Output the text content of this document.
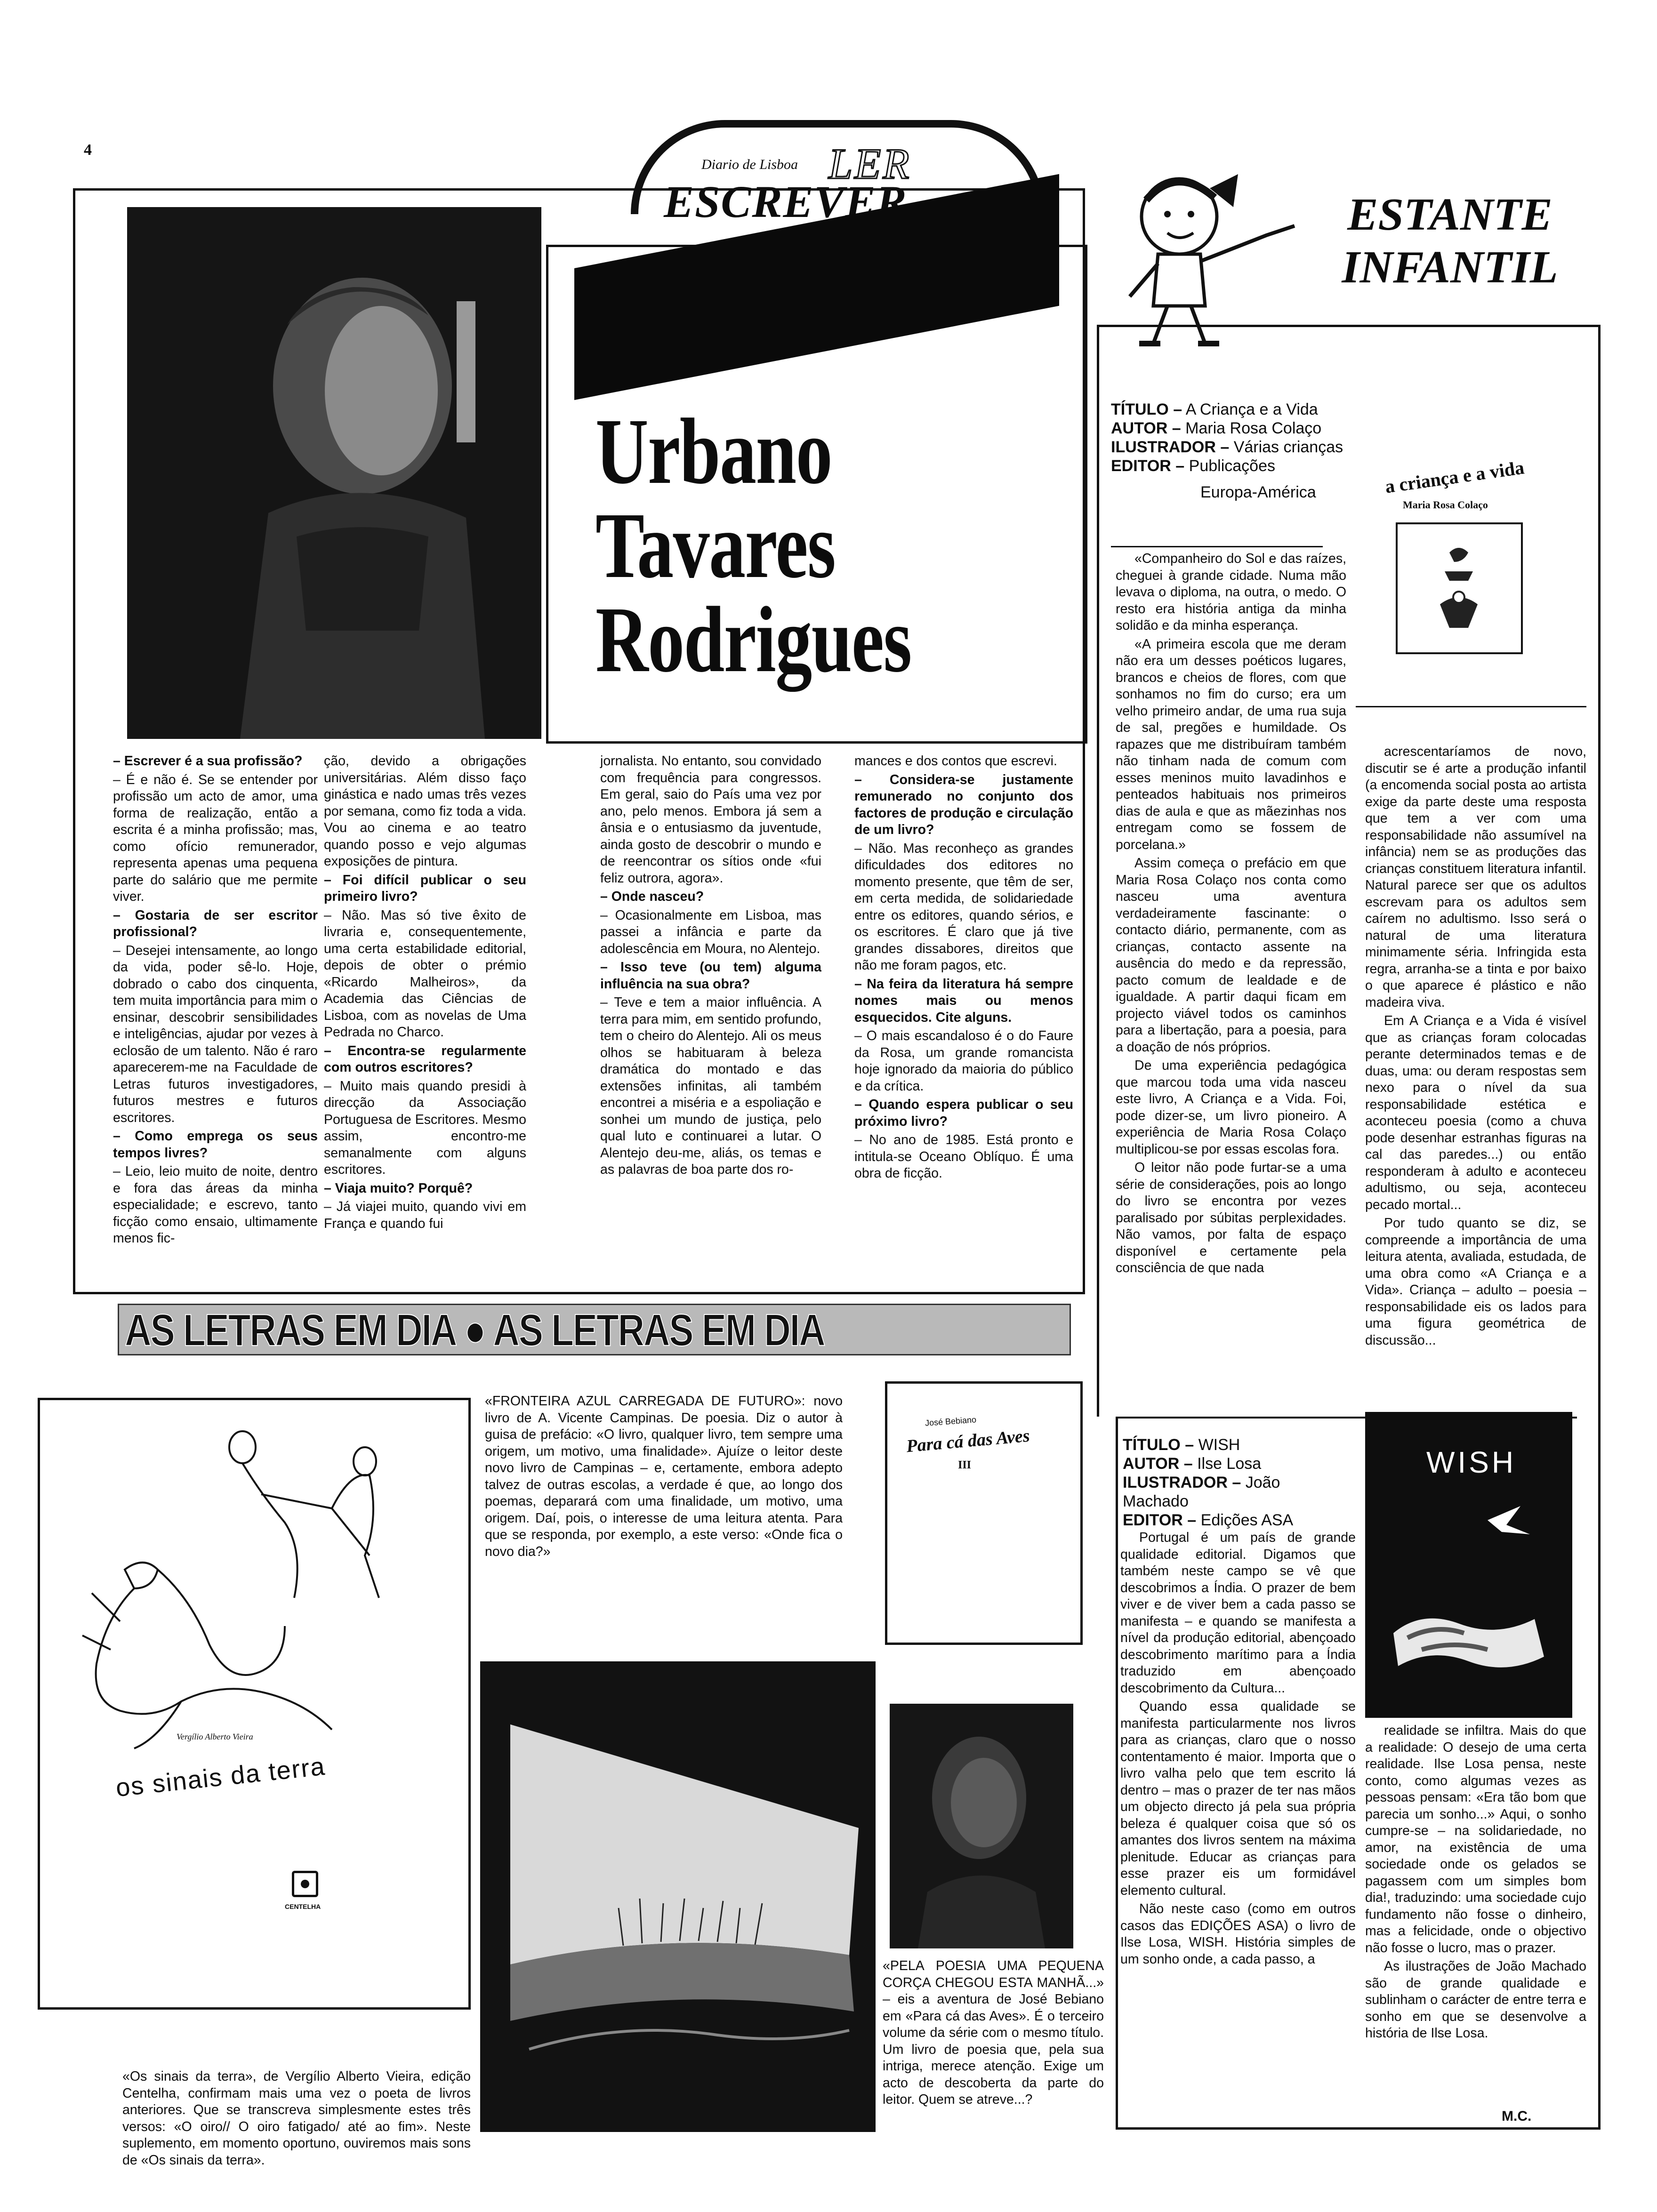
4
Diario de Lisboa LER
ESCREVER
Urbano
Tavares
Rodrigues

– Escrever é a sua profissão?

– É e não é. Se se entender por profissão um acto de amor, uma forma de realização, então a escrita é a minha profissão; mas, como ofício remunerador, representa apenas uma pequena parte do salário que me permite viver.

– Gostaria de ser escritor profissional?

– Desejei intensamente, ao longo da vida, poder sê-lo. Hoje, dobrado o cabo dos cinquenta, tem muita importância para mim o ensinar, descobrir sensibilidades e inteligências, ajudar por vezes à eclosão de um talento. Não é raro aparecerem-me na Faculdade de Letras futuros investigadores, futuros mestres e futuros escritores.

– Como emprega os seus tempos livres?

– Leio, leio muito de noite, dentro e fora das áreas da minha especialidade; e escrevo, tanto ficção como ensaio, ultimamente menos fic-

ção, devido a obrigações universitárias. Além disso faço ginástica e nado umas três vezes por semana, como fiz toda a vida. Vou ao cinema e ao teatro quando posso e vejo algumas exposições de pintura.

– Foi difícil publicar o seu primeiro livro?

– Não. Mas só tive êxito de livraria e, consequentemente, uma certa estabilidade editorial, depois de obter o prémio «Ricardo Malheiros», da Academia das Ciências de Lisboa, com as novelas de Uma Pedrada no Charco.

– Encontra-se regularmente com outros escritores?

– Muito mais quando presidi à direcção da Associação Portuguesa de Escritores. Mesmo assim, encontro-me semanalmente com alguns escritores.

– Viaja muito? Porquê?

– Já viajei muito, quando vivi em França e quando fui

jornalista. No entanto, sou convidado com frequência para congressos. Em geral, saio do País uma vez por ano, pelo menos. Embora já sem a ânsia e o entusiasmo da juventude, ainda gosto de descobrir o mundo e de reencontrar os sítios onde «fui feliz outrora, agora».

– Onde nasceu?

– Ocasionalmente em Lisboa, mas passei a infância e parte da adolescência em Moura, no Alentejo.

– Isso teve (ou tem) alguma influência na sua obra?

– Teve e tem a maior influência. A terra para mim, em sentido profundo, tem o cheiro do Alentejo. Ali os meus olhos se habituaram à beleza dramática do montado e das extensões infinitas, ali também encontrei a miséria e a espoliação e sonhei um mundo de justiça, pelo qual luto e continuarei a lutar. O Alentejo deu-me, aliás, os temas e as palavras de boa parte dos ro-

mances e dos contos que escrevi.

– Considera-se justamente remunerado no conjunto dos factores de produção e circulação de um livro?

– Não. Mas reconheço as grandes dificuldades dos editores no momento presente, que têm de ser, em certa medida, de solidariedade entre os editores, quando sérios, e os escritores. É claro que já tive grandes dissabores, direitos que não me foram pagos, etc.

– Na feira da literatura há sempre nomes mais ou menos esquecidos. Cite alguns.

– O mais escandaloso é o do Faure da Rosa, um grande romancista hoje ignorado da maioria do público e da crítica.

– Quando espera publicar o seu próximo livro?

– No ano de 1985. Está pronto e intitula-se Oceano Oblíquo. É uma obra de ficção.

ESTANTE
INFANTIL
TÍTULO – A Criança e a Vida
AUTOR – Maria Rosa Colaço
ILUSTRADOR – Várias crianças
EDITOR – Publicações
Europa-América	a criança e a vida
Maria Rosa Colaço

«Companheiro do Sol e das raízes, cheguei à grande cidade. Numa mão levava o diploma, na outra, o medo. O resto era história antiga da minha solidão e da minha esperança.

«A primeira escola que me deram não era um desses poéticos lugares, brancos e cheios de flores, com que sonhamos no fim do curso; era um velho primeiro andar, de uma rua suja de sal, pregões e humildade. Os rapazes que me distribuíram também não tinham nada de comum com esses meninos muito lavadinhos e penteados habituais nos primeiros dias de aula e que as mãezinhas nos entregam como se fossem de porcelana.»

Assim começa o prefácio em que Maria Rosa Colaço nos conta como nasceu uma aventura verdadeiramente fascinante: o contacto diário, permanente, com as crianças, contacto assente na ausência do medo e da repressão, pacto comum de lealdade e de igualdade. A partir daqui ficam em projecto viável todos os caminhos para a libertação, para a poesia, para a doação de nós próprios.

De uma experiência pedagógica que marcou toda uma vida nasceu este livro, A Criança e a Vida. Foi, pode dizer-se, um livro pioneiro. A experiência de Maria Rosa Colaço multiplicou-se por essas escolas fora.

O leitor não pode furtar-se a uma série de considerações, pois ao longo do livro se encontra por vezes paralisado por súbitas perplexidades. Não vamos, por falta de espaço disponível e certamente pela consciência de que nada

acrescentaríamos de novo, discutir se é arte a produção infantil (a encomenda social posta ao artista exige da parte deste uma resposta que tem a ver com uma responsabilidade não assumível na infância) nem se as produções das crianças constituem literatura infantil. Natural parece ser que os adultos escrevam para os adultos sem caírem no adultismo. Isso será o natural de uma literatura minimamente séria. Infringida esta regra, arranha-se a tinta e por baixo o que aparece é plástico e não madeira viva.

Em A Criança e a Vida é visível que as crianças foram colocadas perante determinados temas e de duas, uma: ou deram respostas sem nexo para o nível da sua responsabilidade estética e aconteceu poesia (como a chuva pode desenhar estranhas figuras na cal das paredes...) ou então responderam à adulto e aconteceu adultismo, ou seja, aconteceu pecado mortal...

Por tudo quanto se diz, se compreende a importância de uma leitura atenta, avaliada, estudada, de uma obra como «A Criança e a Vida». Criança – adulto – poesia – responsabilidade eis os lados para uma figura geométrica de discussão...

TÍTULO – WISH
AUTOR – Ilse Losa
ILUSTRADOR – João Machado
EDITOR – Edições ASA
WISH

Portugal é um país de grande qualidade editorial. Digamos que também neste campo se vê que descobrimos a Índia. O prazer de bem viver e de viver bem a cada passo se manifesta – e quando se manifesta a nível da produção editorial, abençoado descobrimento marítimo para a Índia traduzido em abençoado descobrimento da Cultura...

Quando essa qualidade se manifesta particularmente nos livros para as crianças, claro que o nosso contentamento é maior. Importa que o livro valha pelo que tem escrito lá dentro – mas o prazer de ter nas mãos um objecto directo já pela sua própria beleza é qualquer coisa que só os amantes dos livros sentem na máxima plenitude. Educar as crianças para esse prazer eis um formidável elemento cultural.

Não neste caso (como em outros casos das EDIÇÕES ASA) o livro de Ilse Losa, WISH. História simples de um sonho onde, a cada passo, a

realidade se infiltra. Mais do que a realidade: O desejo de uma certa realidade. Ilse Losa pensa, neste conto, como algumas vezes as pessoas pensam: «Era tão bom que parecia um sonho...» Aqui, o sonho cumpre-se – na solidariedade, no amor, na existência de uma sociedade onde os gelados se pagassem com um simples bom dia!, traduzindo: uma sociedade cujo fundamento não fosse o dinheiro, mas a felicidade, onde o objectivo não fosse o lucro, mas o prazer.

As ilustrações de João Machado são de grande qualidade e sublinham o carácter de entre terra e sonho em que se desenvolve a história de Ilse Losa.

M.C.
AS LETRAS EM DIA ● AS LETRAS EM DIA
Vergílio Alberto Vieira
os sinais da terra
CENTELHA
«FRONTEIRA AZUL CARREGADA DE FUTURO»: novo livro de A. Vicente Campinas. De poesia. Diz o autor à guisa de prefácio: «O livro, qualquer livro, tem sempre uma origem, um motivo, uma finalidade». Ajuíze o leitor deste novo livro de Campinas – e, certamente, embora adepto talvez de outras escolas, a verdade é que, ao longo dos poemas, deparará com uma finalidade, um motivo, uma origem. Daí, pois, o interesse de uma leitura atenta. Para que se responda, por exemplo, a este verso: «Onde fica o novo dia?»
José Bebiano
Para cá das Aves
III
«PELA POESIA UMA PEQUENA CORÇA CHEGOU ESTA MANHÃ...» – eis a aventura de José Bebiano em «Para cá das Aves». É o terceiro volume da série com o mesmo título. Um livro de poesia que, pela sua intriga, merece atenção. Exige um acto de descoberta da parte do leitor. Quem se atreve...?
«Os sinais da terra», de Vergílio Alberto Vieira, edição Centelha, confirmam mais uma vez o poeta de livros anteriores. Que se transcreva simplesmente estes três versos: «O oiro// O oiro fatigado/ até ao fim». Neste suplemento, em momento oportuno, ouviremos mais sons de «Os sinais da terra».
